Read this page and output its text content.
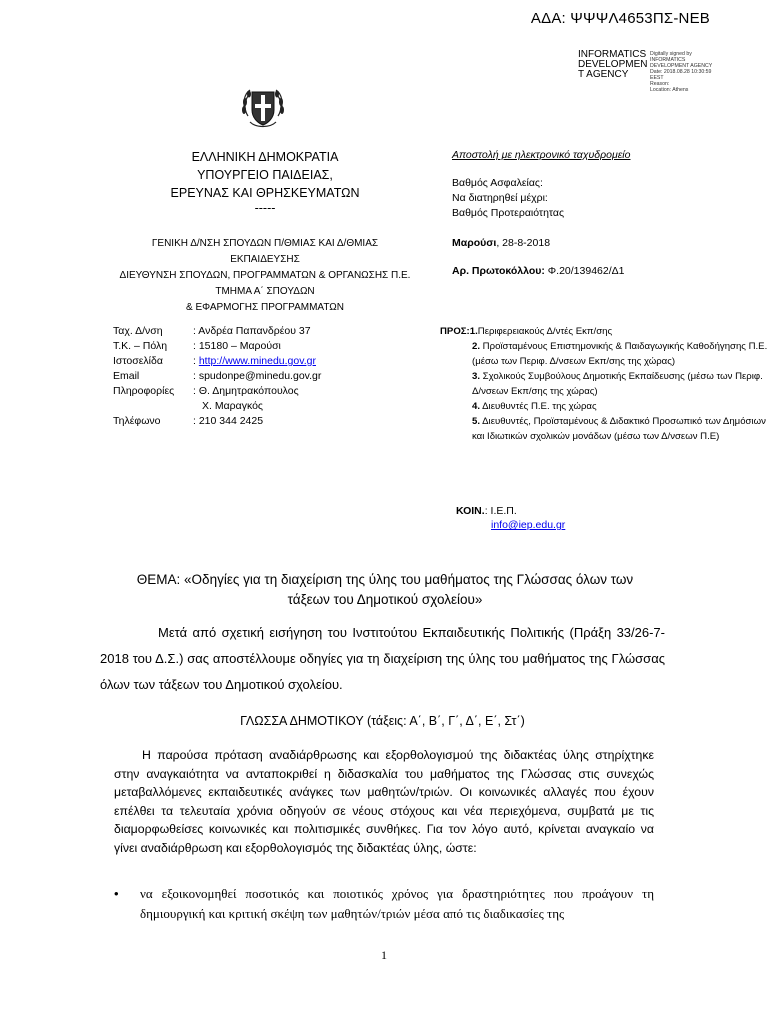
ΑΔΑ: ΨΨΨΛ4653ΠΣ-ΝΕΒ
INFORMATICS
DEVELOPMEN
T AGENCY
Digitally signed by
INFORMATICS
DEVELOPMENT AGENCY
Date: 2018.08.28 10:30:59
EEST
Reason:
Location: Athens
ΕΛΛΗΝΙΚΗ ΔΗΜΟΚΡΑΤΙΑ
ΥΠΟΥΡΓΕΙΟ ΠΑΙΔΕΙΑΣ,
ΕΡΕΥΝΑΣ ΚΑΙ ΘΡΗΣΚΕΥΜΑΤΩΝ
-----
ΓΕΝΙΚΗ Δ/ΝΣΗ ΣΠΟΥΔΩΝ Π/ΘΜΙΑΣ ΚΑΙ Δ/ΘΜΙΑΣ
ΕΚΠΑΙΔΕΥΣΗΣ
ΔΙΕΥΘΥΝΣΗ ΣΠΟΥΔΩΝ, ΠΡΟΓΡΑΜΜΑΤΩΝ & ΟΡΓΑΝΩΣΗΣ Π.Ε.
ΤΜΗΜΑ Α΄ ΣΠΟΥΔΩΝ
& ΕΦΑΡΜΟΓΗΣ ΠΡΟΓΡΑΜΜΑΤΩΝ
Αποστολή με ηλεκτρονικό ταχυδρομείο
Βαθμός Ασφαλείας:
Να διατηρηθεί μέχρι:
Βαθμός Προτεραιότητας
Μαρούσι, 28-8-2018
Αρ. Πρωτοκόλλου: Φ.20/139462/Δ1
Ταχ. Δ/νση	: Ανδρέα Παπανδρέου 37
Τ.Κ. – Πόλη	: 15180 – Μαρούσι
Ιστοσελίδα	: http://www.minedu.gov.gr
Email	: spudonpe@minedu.gov.gr
Πληροφορίες	: Θ. Δημητρακόπουλος
Χ. Μαραγκός
Τηλέφωνο	: 210 344 2425
ΠΡΟΣ:1.Περιφερειακούς Δ/ντές Εκπ/σης
2. Προϊσταμένους Επιστημονικής & Παιδαγωγικής Καθοδήγησης Π.Ε. (μέσω των Περιφ. Δ/νσεων Εκπ/σης της χώρας)
3. Σχολικούς Συμβούλους Δημοτικής Εκπαίδευσης (μέσω των Περιφ. Δ/νσεων Εκπ/σης της χώρας)
4. Διευθυντές Π.Ε. της χώρας
5. Διευθυντές, Προϊσταμένους & Διδακτικό Προσωπικό των Δημόσιων και Ιδιωτικών σχολικών μονάδων (μέσω των Δ/νσεων Π.Ε)
ΚΟΙΝ.: Ι.Ε.Π.
info@iep.edu.gr
ΘΕΜΑ: «Οδηγίες για τη διαχείριση της ύλης του μαθήματος της Γλώσσας όλων των
τάξεων του Δημοτικού σχολείου»
Μετά από σχετική εισήγηση του Ινστιτούτου Εκπαιδευτικής Πολιτικής (Πράξη 33/26-7-2018 του Δ.Σ.) σας αποστέλλουμε οδηγίες για τη διαχείριση της ύλης του μαθήματος της Γλώσσας όλων των τάξεων του Δημοτικού σχολείου.
ΓΛΩΣΣΑ ΔΗΜΟΤΙΚΟΥ (τάξεις: Α΄, Β΄, Γ΄, Δ΄, Ε΄, Στ΄)
Η παρούσα πρόταση αναδιάρθρωσης και εξορθολογισμού της διδακτέας ύλης στηρίχτηκε στην αναγκαιότητα να ανταποκριθεί η διδασκαλία του μαθήματος της Γλώσσας στις συνεχώς μεταβαλλόμενες εκπαιδευτικές ανάγκες των μαθητών/τριών. Οι κοινωνικές αλλαγές που έχουν επέλθει τα τελευταία χρόνια οδηγούν σε νέους στόχους και νέα περιεχόμενα, συμβατά με τις διαμορφωθείσες κοινωνικές και πολιτισμικές συνθήκες. Για τον λόγο αυτό, κρίνεται αναγκαίο να γίνει αναδιάρθρωση και εξορθολογισμός της διδακτέας ύλης, ώστε:
• να εξοικονομηθεί ποσοτικός και ποιοτικός χρόνος για δραστηριότητες που προάγουν τη δημιουργική και κριτική σκέψη των μαθητών/τριών μέσα από τις διαδικασίες της
1
